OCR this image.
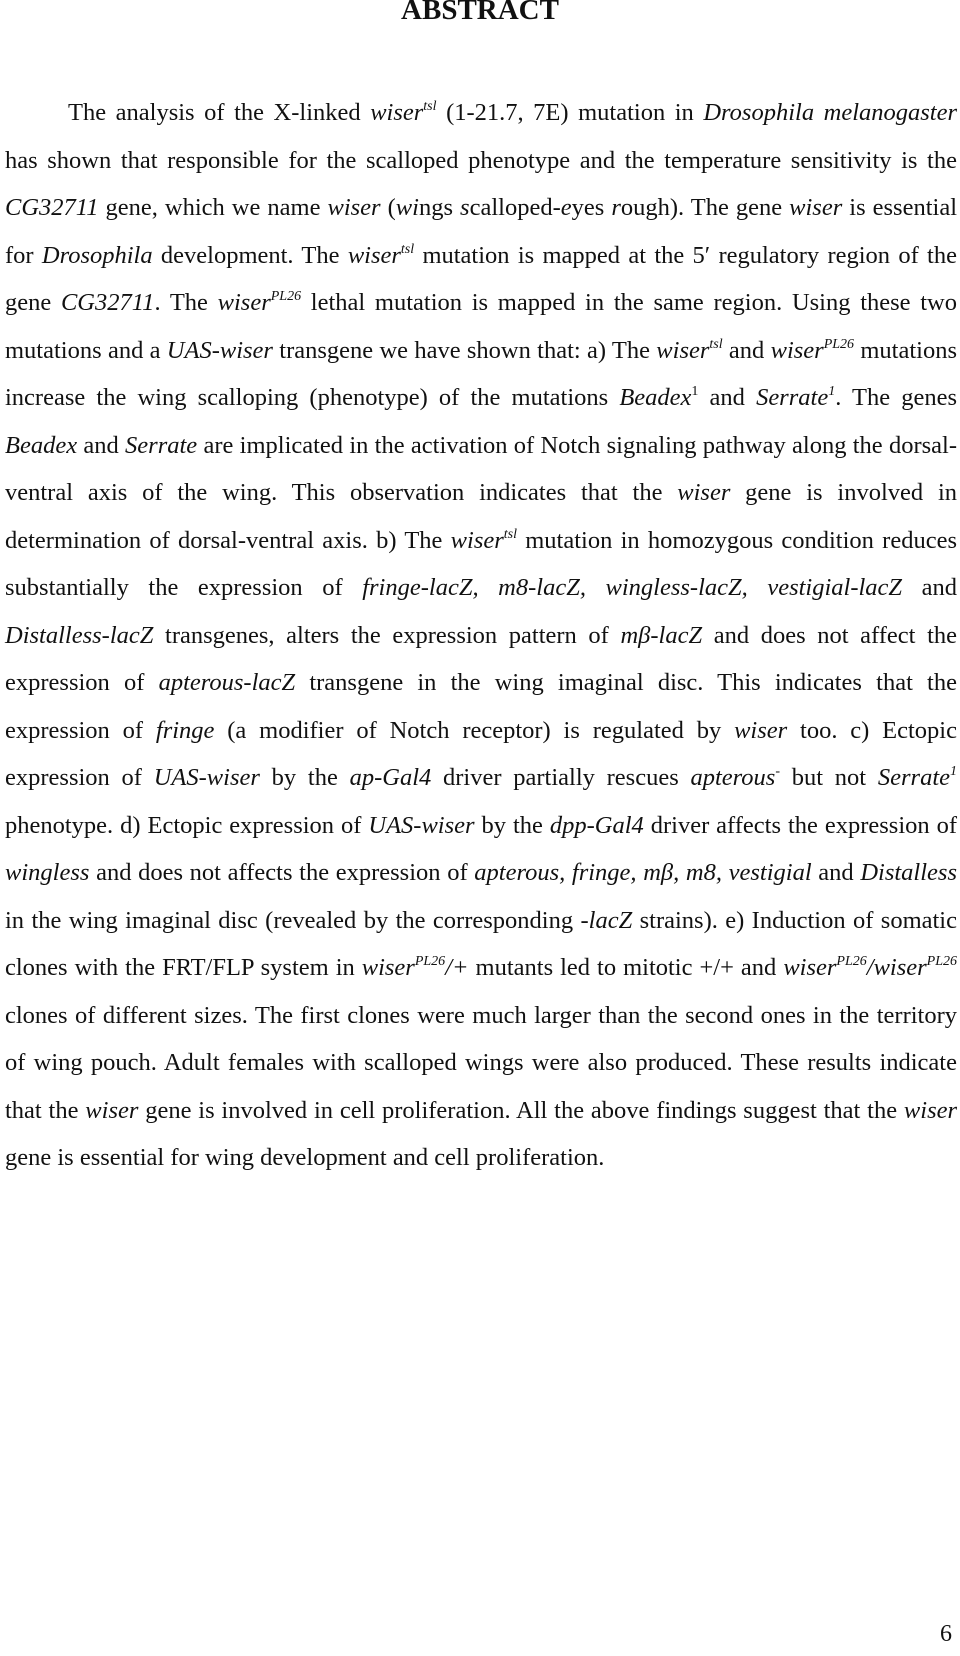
ABSTRACT

The analysis of the X-linked wiser$^{tsl}$ (1-21.7, 7E) mutation in Drosophila melanogaster has shown that responsible for the scalloped phenotype and the temperature sensitivity is the CG32711 gene, which we name wiser (wings scalloped-eyes rough). The gene wiser is essential for Drosophila development. The wiser$^{tsl}$ mutation is mapped at the 5′ regulatory region of the gene CG32711. The wiser$^{PL26}$ lethal mutation is mapped in the same region. Using these two mutations and a UAS-wiser transgene we have shown that: a) The wiser$^{tsl}$ and wiser$^{PL26}$ mutations increase the wing scalloping (phenotype) of the mutations Beadex$^1$ and Serrate$^1$. The genes Beadex and Serrate are implicated in the activation of Notch signaling pathway along the dorsal-ventral axis of the wing. This observation indicates that the wiser gene is involved in determination of dorsal-ventral axis. b) The wiser$^{tsl}$ mutation in homozygous condition reduces substantially the expression of fringe-lacZ, m8-lacZ, wingless-lacZ, vestigial-lacZ and Distalless-lacZ transgenes, alters the expression pattern of mβ-lacZ and does not affect the expression of apterous-lacZ transgene in the wing imaginal disc. This indicates that the expression of fringe (a modifier of Notch receptor) is regulated by wiser too. c) Ectopic expression of UAS-wiser by the ap-Gal4 driver partially rescues apterous- but not Serrate$^1$ phenotype. d) Ectopic expression of UAS-wiser by the dpp-Gal4 driver affects the expression of wingless and does not affects the expression of apterous, fringe, mβ, m8, vestigial and Distalless in the wing imaginal disc (revealed by the corresponding -lacZ strains). e) Induction of somatic clones with the FRT/FLP system in wiser$^{PL26}$/+ mutants led to mitotic +/+ and wiser$^{PL26}$/wiser$^{PL26}$ clones of different sizes. The first clones were much larger than the second ones in the territory of wing pouch. Adult females with scalloped wings were also produced. These results indicate that the wiser gene is involved in cell proliferation. All the above findings suggest that the wiser gene is essential for wing development and cell proliferation.

6
